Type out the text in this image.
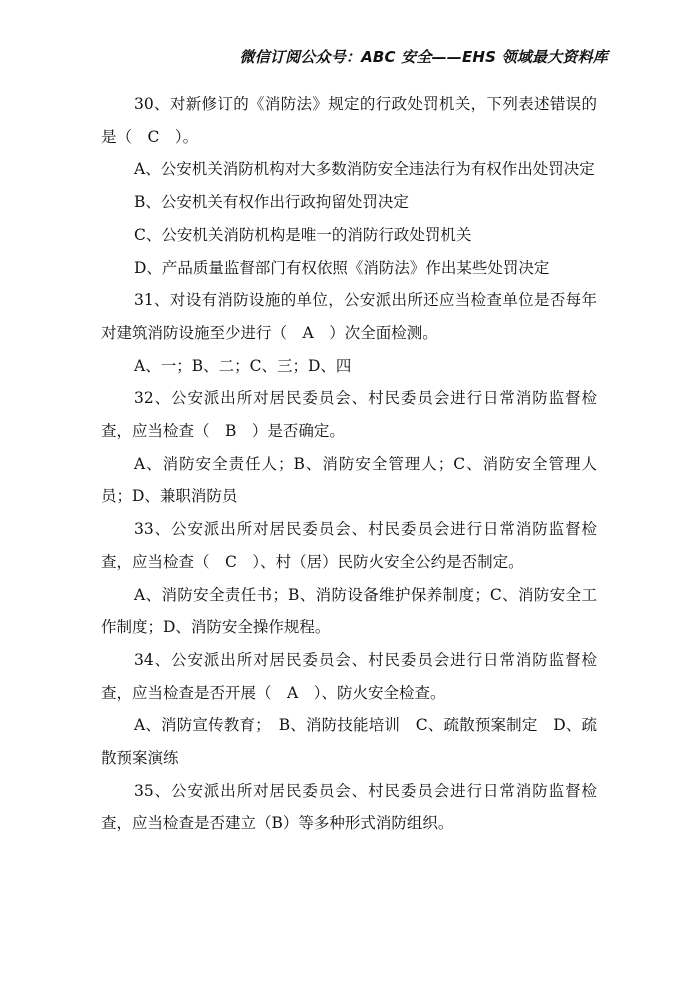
微信订阅公众号：ABC 安全——EHS 领域最大资料库

30、对新修订的《消防法》规定的行政处罚机关，下列表述错误的是（　C　）。

A、公安机关消防机构对大多数消防安全违法行为有权作出处罚决定

B、公安机关有权作出行政拘留处罚决定

C、公安机关消防机构是唯一的消防行政处罚机关

D、产品质量监督部门有权依照《消防法》作出某些处罚决定

31、对设有消防设施的单位，公安派出所还应当检查单位是否每年对建筑消防设施至少进行（　A　）次全面检测。

A、一；B、二；C、三；D、四

32、公安派出所对居民委员会、村民委员会进行日常消防监督检查，应当检查（　B　）是否确定。

A、消防安全责任人；B、消防安全管理人；C、消防安全管理人员；D、兼职消防员

33、公安派出所对居民委员会、村民委员会进行日常消防监督检查，应当检查（　C　）、村（居）民防火安全公约是否制定。

A、消防安全责任书；B、消防设备维护保养制度；C、消防安全工作制度；D、消防安全操作规程。

34、公安派出所对居民委员会、村民委员会进行日常消防监督检查，应当检查是否开展（　A　）、防火安全检查。

A、消防宣传教育；　B、消防技能培训　C、疏散预案制定　D、疏散预案演练

35、公安派出所对居民委员会、村民委员会进行日常消防监督检查，应当检查是否建立（B）等多种形式消防组织。
